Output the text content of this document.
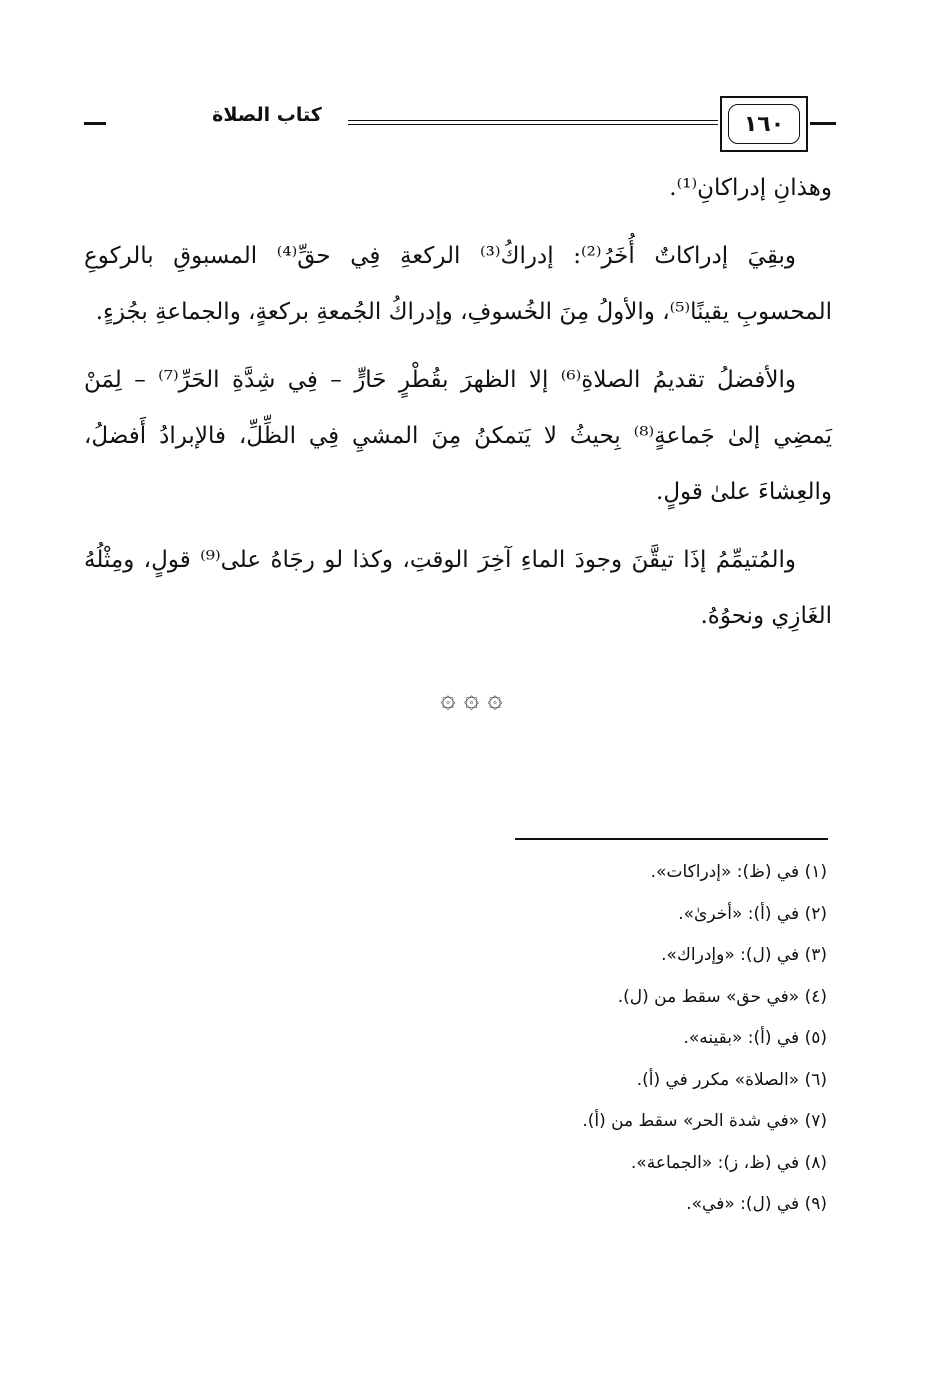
١٦٠
كتاب الصلاة

وهذانِ إدراكانِ⁽¹⁾.

وبقِيَ إدراكاتٌ أُخَرُ⁽²⁾: إدراكُ⁽³⁾ الركعةِ فِي حقِّ⁽⁴⁾ المسبوقِ بالركوعِ المحسوبِ يقينًا⁽⁵⁾، والأولُ مِنَ الخُسوفِ، وإدراكُ الجُمعةِ بركعةٍ، والجماعةِ بجُزءٍ.

والأفضلُ تقديمُ الصلاةِ⁽⁶⁾ إلا الظهرَ بقُطْرٍ حَارٍّ – فِي شِدَّةِ الحَرِّ⁽⁷⁾ – لِمَنْ يَمضِي إلىٰ جَماعةٍ⁽⁸⁾ بِحيثُ لا يَتمكنُ مِنَ المشيِ فِي الظِّلِّ، فالإبرادُ أَفضلُ، والعِشاءَ علىٰ قولٍ.

والمُتيمِّمُ إذَا تيقَّنَ وجودَ الماءِ آخِرَ الوقتِ، وكذا لو رجَاهُ على⁽⁹⁾ قولٍ، ومِثْلُهُ الغَازِي ونحوُهُ.

۞ ۞ ۞
(١) في (ظ): «إدراكات».
(٢) في (أ): «أخرىٰ».
(٣) في (ل): «وإدراك».
(٤) «في حق» سقط من (ل).
(٥) في (أ): «بقينه».
(٦) «الصلاة» مكرر في (أ).
(٧) «في شدة الحر» سقط من (أ).
(٨) في (ظ، ز): «الجماعة».
(٩) في (ل): «في».
